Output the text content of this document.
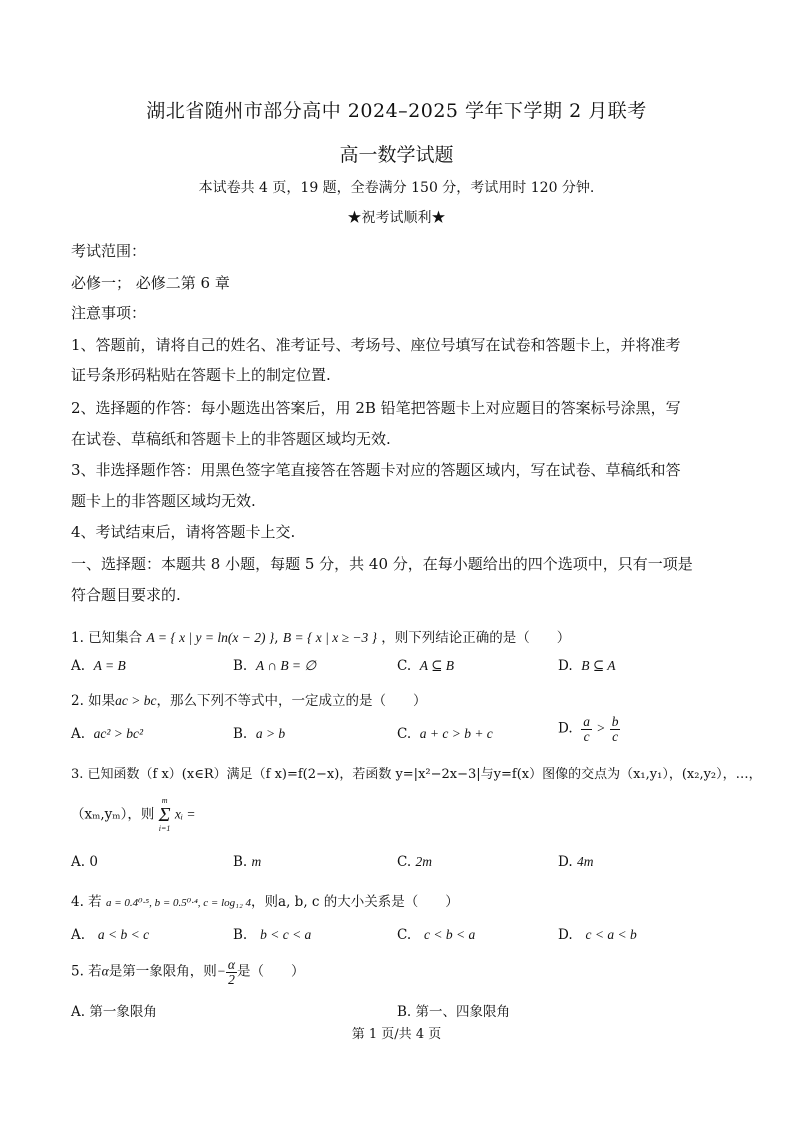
湖北省随州市部分高中 2024–2025 学年下学期 2 月联考
高一数学试题
本试卷共 4 页，19 题，全卷满分 150 分，考试用时 120 分钟.
★祝考试顺利★
考试范围：
必修一； 必修二第 6 章
注意事项：
1、答题前，请将自己的姓名、准考证号、考场号、座位号填写在试卷和答题卡上，并将准考
证号条形码粘贴在答题卡上的制定位置.
2、选择题的作答：每小题选出答案后，用 2B 铅笔把答题卡上对应题目的答案标号涂黑，写
在试卷、草稿纸和答题卡上的非答题区域均无效.
3、非选择题作答：用黑色签字笔直接答在答题卡对应的答题区域内，写在试卷、草稿纸和答
题卡上的非答题区域均无效.
4、考试结束后，请将答题卡上交.
一、选择题：本题共 8 小题，每题 5 分，共 40 分，在每小题给出的四个选项中，只有一项是
符合题目要求的.
1. 已知集合 A = { x | y = ln(x − 2) }, B = { x | x ≥ −3 } ，则下列结论正确的是（　　）
A. A = B	B. A ∩ B = ∅	C. A ⊆ B	D. B ⊆ A
2. 如果ac > bc，那么下列不等式中，一定成立的是（　　）
A. ac² > bc²	B. a > b	C. a + c > b + c	D. $\frac{a}{c} > \frac{b}{c}$
3. 已知函数（f x）(x∈R）满足（f x)=f(2−x)，若函数 y=|x²−2x−3|与y=f(x）图像的交点为（x₁,y₁），(x₂,y₂），…，
（xₘ,yₘ），则
m
Σ
i=1
xᵢ =
A. 0	B. m	C. 2m	D. 4m
4. 若 a = 0.4⁰·⁵, b = 0.5⁰·⁴, c = log₁₂ 4，则a, b, c 的大小关系是（　　）
A. a < b < c	B. b < c < a	C. c < b < a	D. c < a < b
5. 若α是第一象限角，则− $\frac{\alpha}{2}$ 是（　　）
A. 第一象限角	B. 第一、四象限角
第 1 页/共 4 页
